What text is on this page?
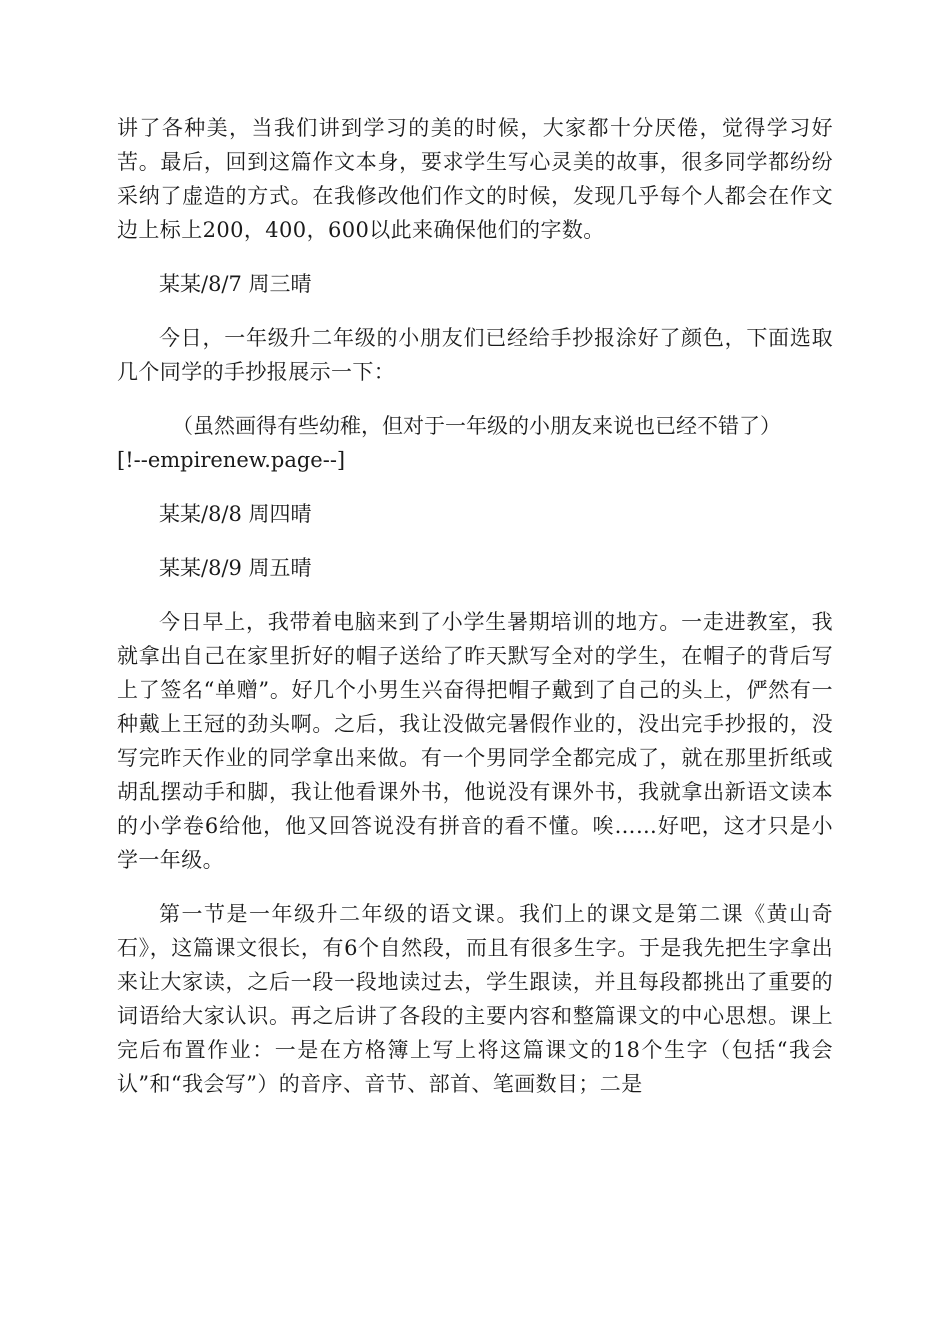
讲了各种美，当我们讲到学习的美的时候，大家都十分厌倦，觉得学习好苦。最后，回到这篇作文本身，要求学生写心灵美的故事，很多同学都纷纷采纳了虚造的方式。在我修改他们作文的时候，发现几乎每个人都会在作文边上标上200，400，600以此来确保他们的字数。

某某/8/7 周三晴

今日，一年级升二年级的小朋友们已经给手抄报涂好了颜色，下面选取几个同学的手抄报展示一下：

（虽然画得有些幼稚，但对于一年级的小朋友来说也已经不错了）
[!--empirenew.page--]

某某/8/8 周四晴

某某/8/9 周五晴

今日早上，我带着电脑来到了小学生暑期培训的地方。一走进教室，我就拿出自己在家里折好的帽子送给了昨天默写全对的学生，在帽子的背后写上了签名“单赠”。好几个小男生兴奋得把帽子戴到了自己的头上，俨然有一种戴上王冠的劲头啊。之后，我让没做完暑假作业的，没出完手抄报的，没写完昨天作业的同学拿出来做。有一个男同学全都完成了，就在那里折纸或胡乱摆动手和脚，我让他看课外书，他说没有课外书，我就拿出新语文读本的小学卷6给他，他又回答说没有拼音的看不懂。唉……好吧，这才只是小学一年级。

第一节是一年级升二年级的语文课。我们上的课文是第二课《黄山奇石》，这篇课文很长，有6个自然段，而且有很多生字。于是我先把生字拿出来让大家读，之后一段一段地读过去，学生跟读，并且每段都挑出了重要的词语给大家认识。再之后讲了各段的主要内容和整篇课文的中心思想。课上完后布置作业：一是在方格簿上写上将这篇课文的18个生字（包括“我会认”和“我会写”）的音序、音节、部首、笔画数目；二是
